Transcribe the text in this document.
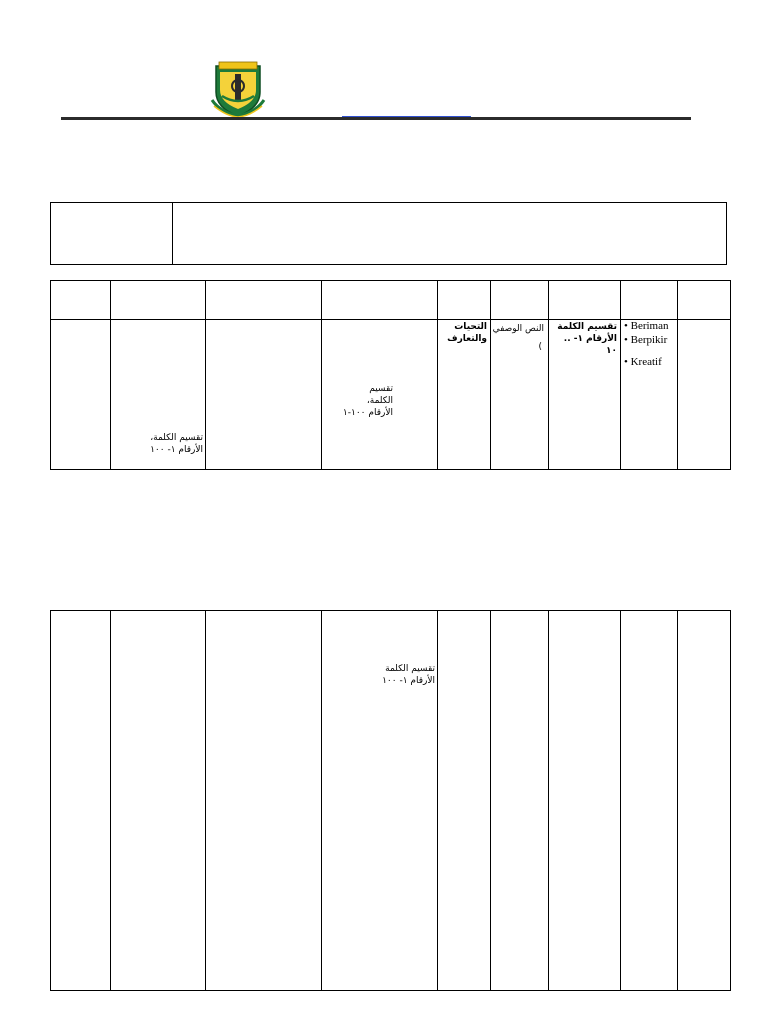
تقسيم الكلمة،
الأرقام ١- ١٠٠
تقسيم
الكلمة،
الأرقام ١٠٠-١
التحيات
والتعارف
النص الوصفي
)
تقسيم الكلمة
الأرقام ١- .. ١٠
• Beriman
• Berpikir
• Kreatif
تقسيم الكلمة
الأرقام ١- ١٠٠
